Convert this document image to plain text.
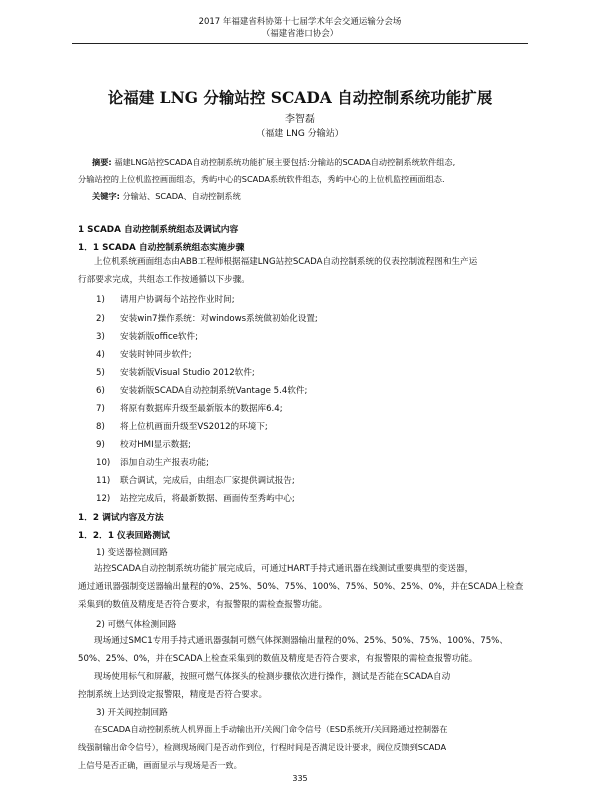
2017 年福建省科协第十七届学术年会交通运输分会场
（福建省港口协会）
论福建 LNG 分输站控 SCADA 自动控制系统功能扩展
李智磊
（福建 LNG 分输站）
摘要: 福建LNG站控SCADA自动控制系统功能扩展主要包括:分输站的SCADA自动控制系统软件组态,
分输站控的上位机监控画面组态，秀屿中心的SCADA系统软件组态，秀屿中心的上位机监控画面组态.
关键字: 分输站、SCADA、自动控制系统
1 SCADA 自动控制系统组态及调试内容
1．1 SCADA 自动控制系统组态实施步骤
上位机系统画面组态由ABB工程师根据福建LNG站控SCADA自动控制系统的仪表控制流程图和生产运
行部要求完成，共组态工作按通循以下步骤。
1) 请用户协调每个站控作业时间;
2) 安装win7操作系统：对windows系统做初始化设置;
3) 安装新版office软件;
4) 安装时钟同步软件;
5) 安装新版Visual Studio 2012软件;
6) 安装新版SCADA自动控制系统Vantage 5.4软件;
7) 将原有数据库升级至最新版本的数据库6.4;
8) 将上位机画面升级至VS2012的环境下;
9) 校对HMI显示数据;
10) 添加自动生产报表功能;
11) 联合调试，完成后，由组态厂家提供调试报告;
12) 站控完成后，将最新数据、画面传至秀屿中心;
1．2 调试内容及方法
1．2．1 仪表回路测试
1) 变送器检测回路
站控SCADA自动控制系统功能扩展完成后，可通过HART手持式通讯器在线测试重要典型的变送器，
通过通讯器强制变送器输出量程的0%、25%、50%、75%、100%、75%、50%、25%、0%，并在SCADA上检查
采集到的数值及精度是否符合要求，有报警限的需检查报警功能。
2) 可燃气体检测回路
现场通过SMC1专用手持式通讯器强制可燃气体探测器输出量程的0%、25%、50%、75%、100%、75%、
50%、25%、0%，并在SCADA上检查采集到的数值及精度是否符合要求，有报警限的需检查报警功能。
现场使用标气和屏蔽，按照可燃气体探头的检测步骤依次进行操作，测试是否能在SCADA自动
控制系统上达到设定报警限，精度是否符合要求。
3) 开关阀控制回路
在SCADA自动控制系统人机界面上手动输出开/关阀门命令信号（ESD系统开/关回路通过控制器在
线强制输出命令信号），检测现场阀门是否动作到位，行程时间是否满足设计要求，阀位反馈到SCADA
上信号是否正确，画面显示与现场是否一致。
335
